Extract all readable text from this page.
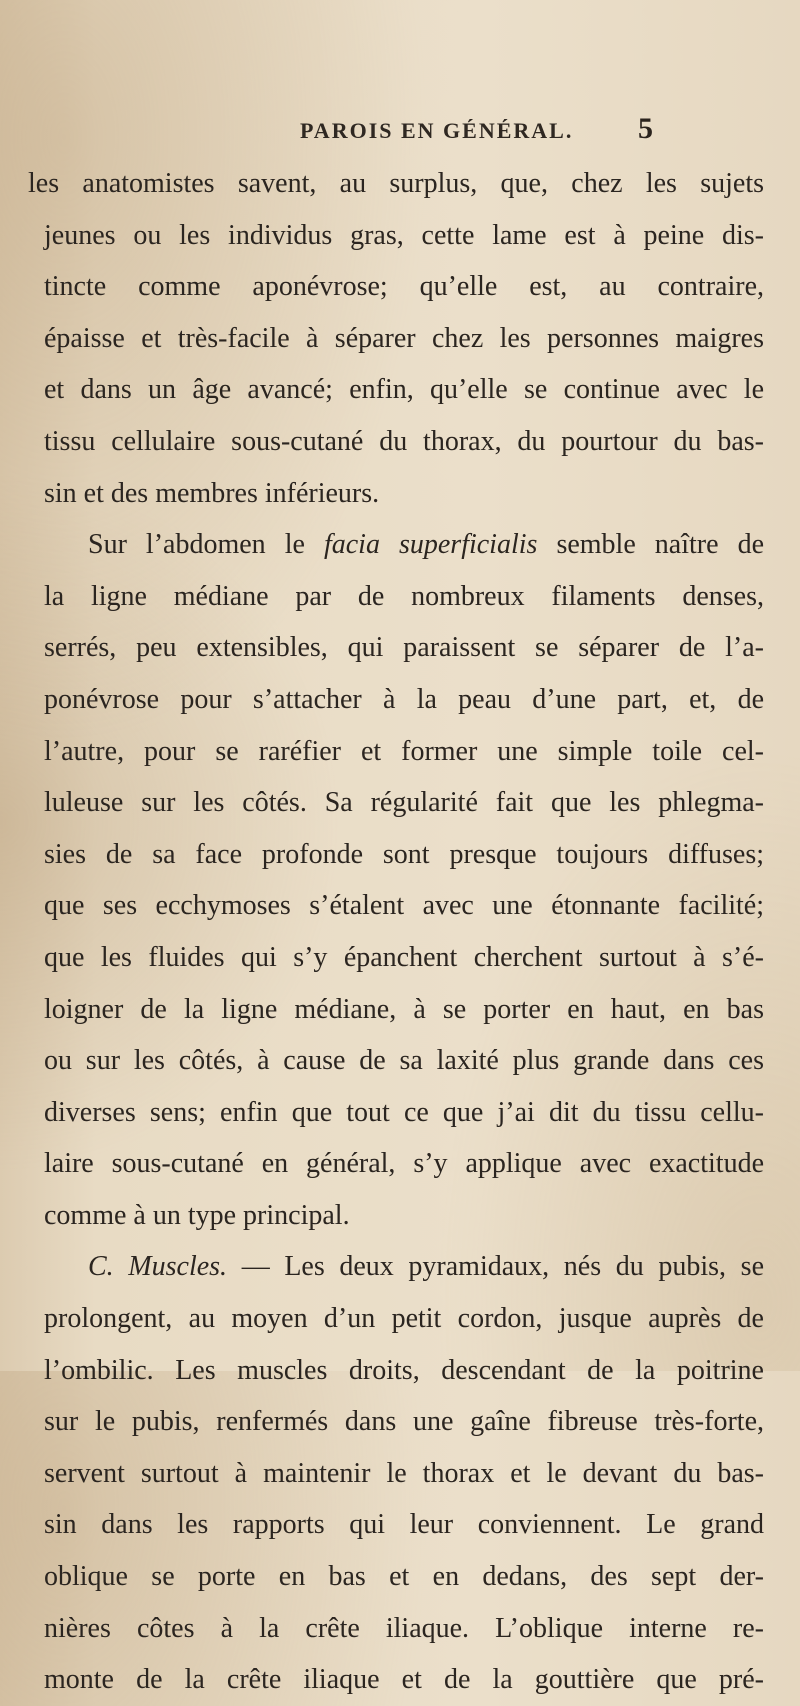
PAROIS EN GÉNÉRAL. 5
les anatomistes savent, au surplus, que, chez les sujets
jeunes ou les individus gras, cette lame est à peine dis-
tincte comme aponévrose; qu’elle est, au contraire,
épaisse et très-facile à séparer chez les personnes maigres
et dans un âge avancé; enfin, qu’elle se continue avec le
tissu cellulaire sous-cutané du thorax, du pourtour du bas-
sin et des membres inférieurs.
Sur l’abdomen le facia superficialis semble naître de
la ligne médiane par de nombreux filaments denses,
serrés, peu extensibles, qui paraissent se séparer de l’a-
ponévrose pour s’attacher à la peau d’une part, et, de
l’autre, pour se raréfier et former une simple toile cel-
luleuse sur les côtés. Sa régularité fait que les phlegma-
sies de sa face profonde sont presque toujours diffuses;
que ses ecchymoses s’étalent avec une étonnante facilité;
que les fluides qui s’y épanchent cherchent surtout à s’é-
loigner de la ligne médiane, à se porter en haut, en bas
ou sur les côtés, à cause de sa laxité plus grande dans ces
diverses sens; enfin que tout ce que j’ai dit du tissu cellu-
laire sous-cutané en général, s’y applique avec exactitude
comme à un type principal.
C. Muscles. — Les deux pyramidaux, nés du pubis, se
prolongent, au moyen d’un petit cordon, jusque auprès de
l’ombilic. Les muscles droits, descendant de la poitrine
sur le pubis, renfermés dans une gaîne fibreuse très-forte,
servent surtout à maintenir le thorax et le devant du bas-
sin dans les rapports qui leur conviennent. Le grand
oblique se porte en bas et en dedans, des sept der-
nières côtes à la crête iliaque. L’oblique interne re-
monte de la crête iliaque et de la gouttière que pré-
